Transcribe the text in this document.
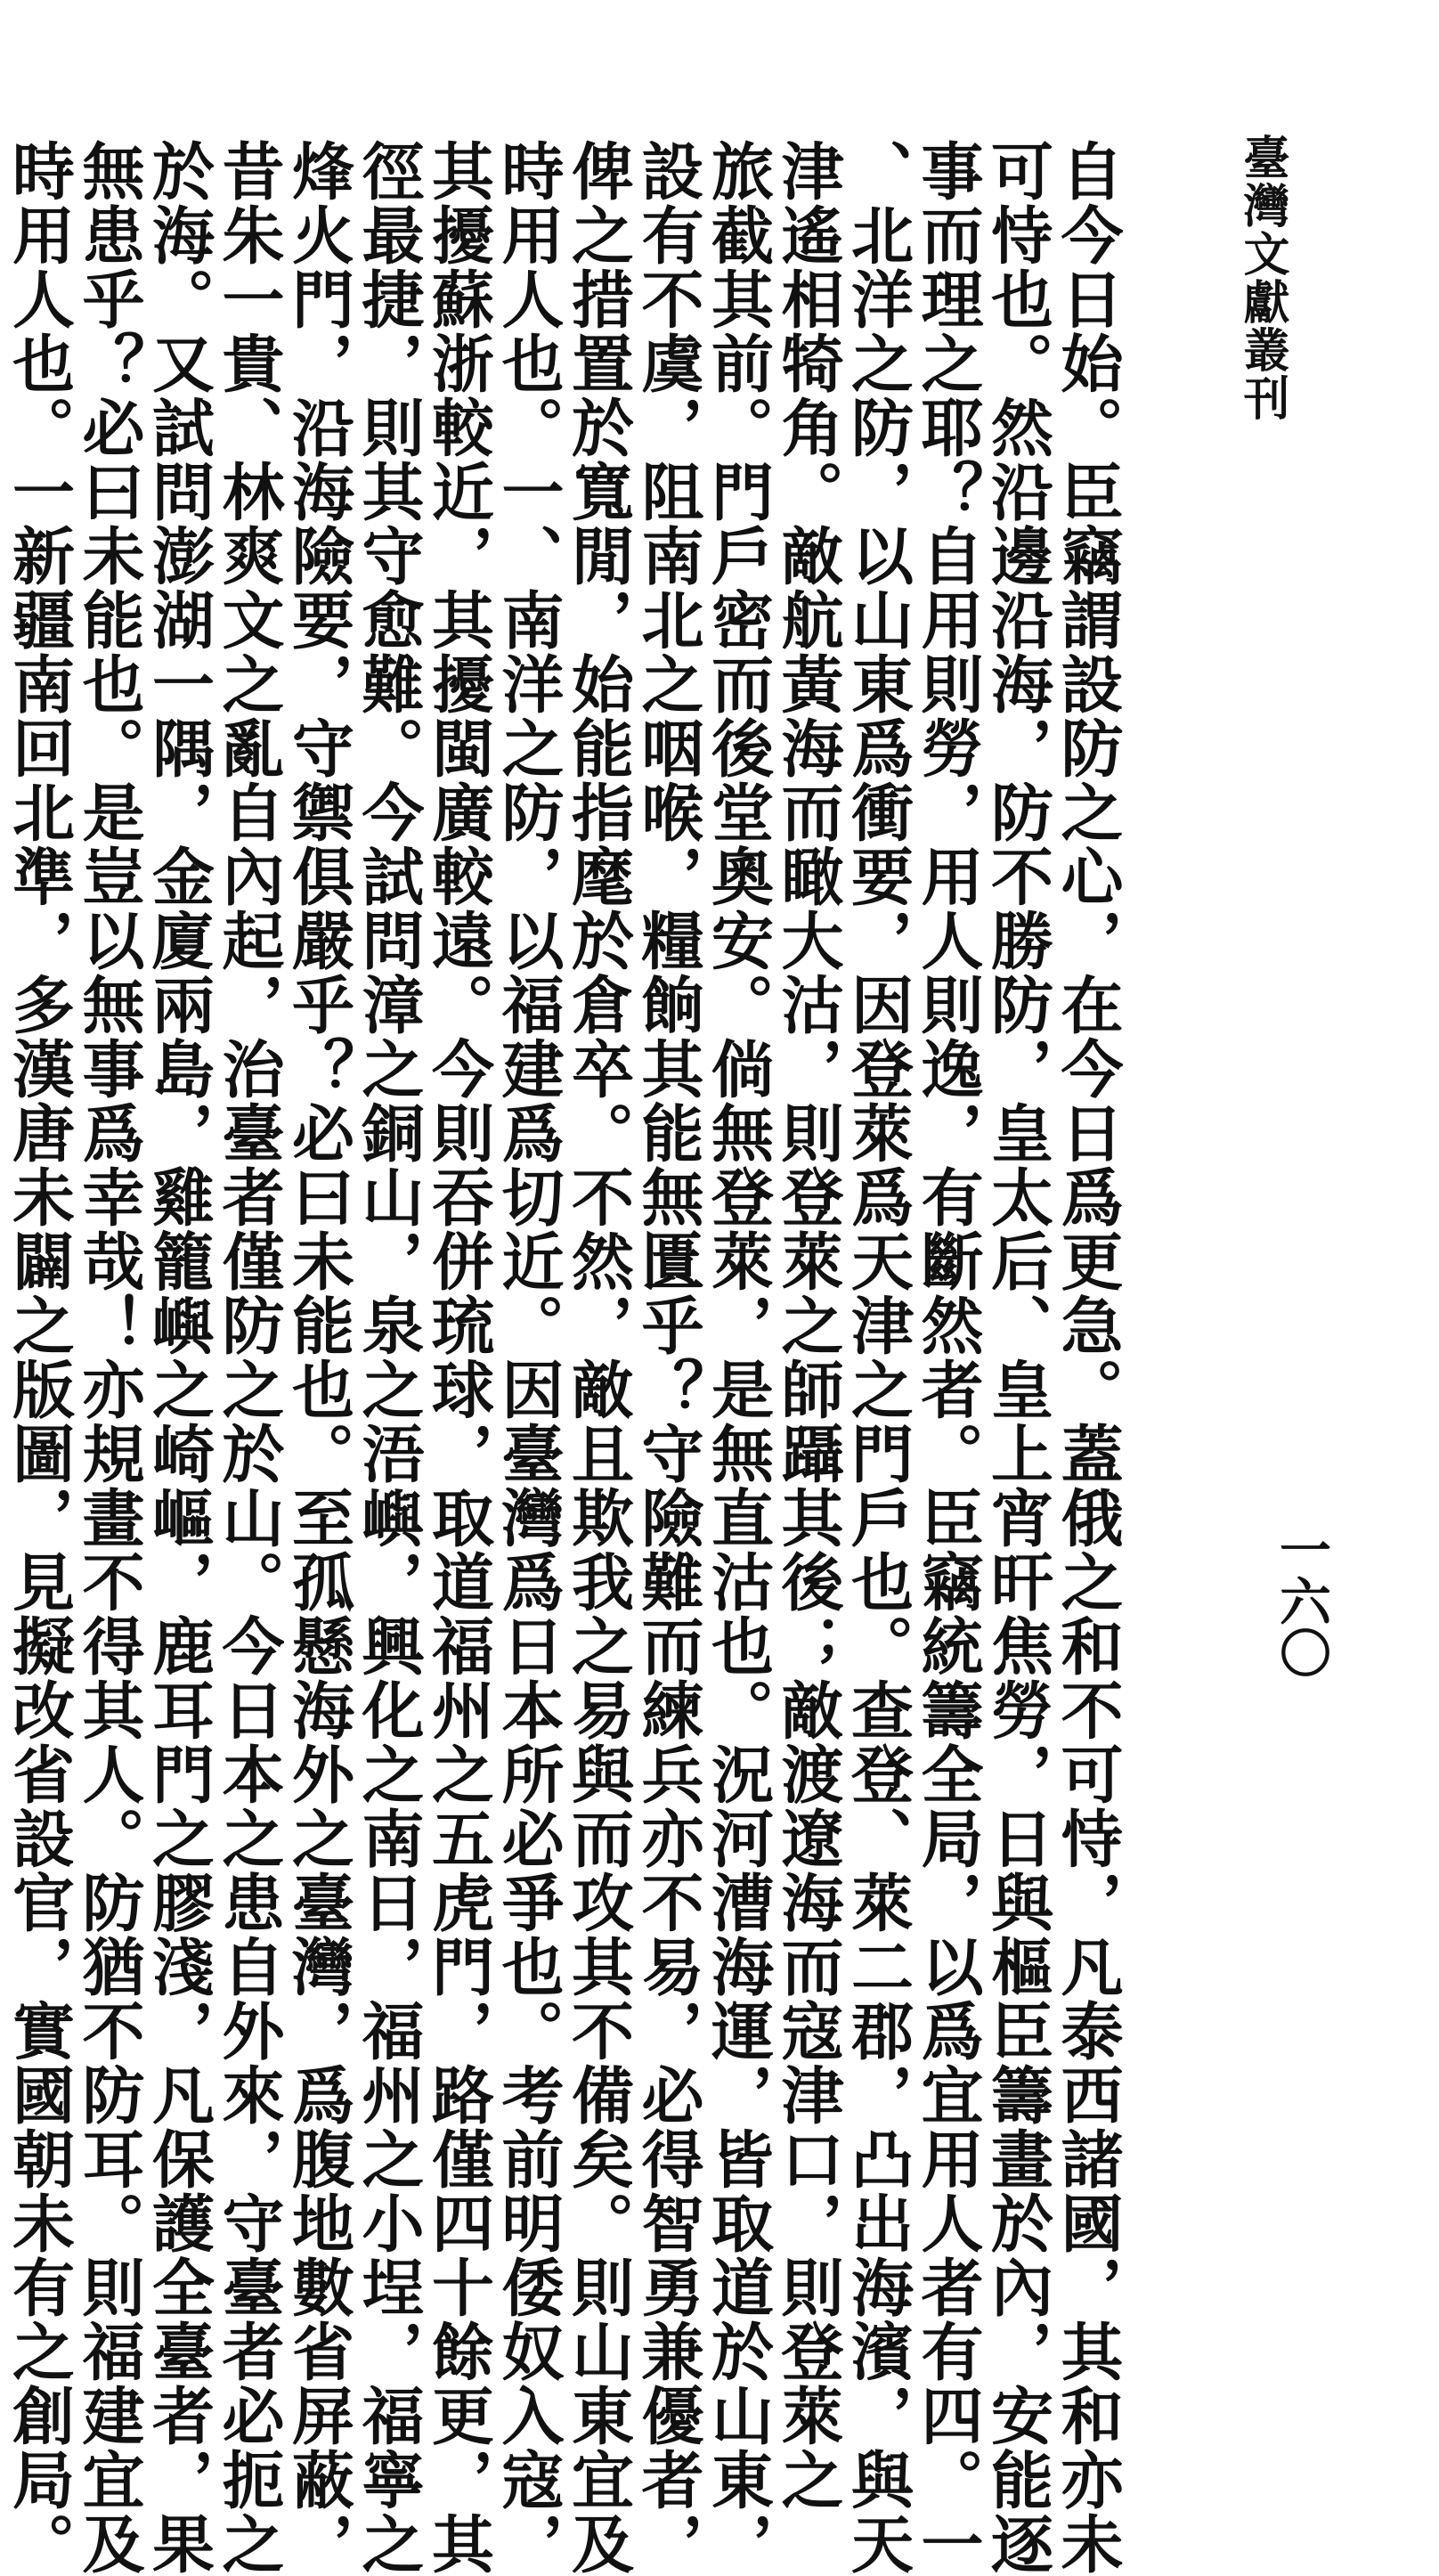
臺灣文獻叢刊
一六〇
自今日始。臣竊謂設防之心，在今日爲更急。蓋俄之和不可恃，凡泰西諸國，其和亦未
可恃也。然沿邊沿海，防不勝防，皇太后、皇上宵旰焦勞，日與樞臣籌畫於內，安能逐
事而理之耶？自用則勞，用人則逸，有斷然者。臣竊統籌全局，以爲宜用人者有四。一
、北洋之防，以山東爲衝要，因登萊爲天津之門戶也。查登、萊二郡，凸出海濱，與天
津遙相犄角。敵航黃海而瞰大沽，則登萊之師躡其後；敵渡遼海而寇津口，則登萊之
旅截其前。門戶密而後堂奧安。倘無登萊，是無直沽也。況河漕海運，皆取道於山東，
設有不虞，阻南北之咽喉，糧餉其能無匱乎？守險難而練兵亦不易，必得智勇兼優者，
俾之措置於寬閒，始能指麾於倉卒。不然，敵且欺我之易與而攻其不備矣。則山東宜及
時用人也。一、南洋之防，以福建爲切近。因臺灣爲日本所必爭也。考前明倭奴入寇，
其擾蘇浙較近，其擾閩廣較遠。今則吞併琉球，取道福州之五虎門，路僅四十餘更，其
徑最捷，則其守愈難。今試問漳之銅山，泉之浯嶼，興化之南日，福州之小埕，福寧之
烽火門，沿海險要，守禦俱嚴乎？必曰未能也。至孤懸海外之臺灣，爲腹地數省屏蔽，
昔朱一貴、林爽文之亂自內起，治臺者僅防之於山。今日本之患自外來，守臺者必扼之
於海。又試問澎湖一隅，金廈兩島，雞籠嶼之崎嶇，鹿耳門之膠淺，凡保護全臺者，果
無患乎？必曰未能也。是豈以無事爲幸哉！亦規畫不得其人。防猶不防耳。則福建宜及
時用人也。一新疆南回北準，多漢唐未闢之版圖，見擬改省設官，實國朝未有之創局。
